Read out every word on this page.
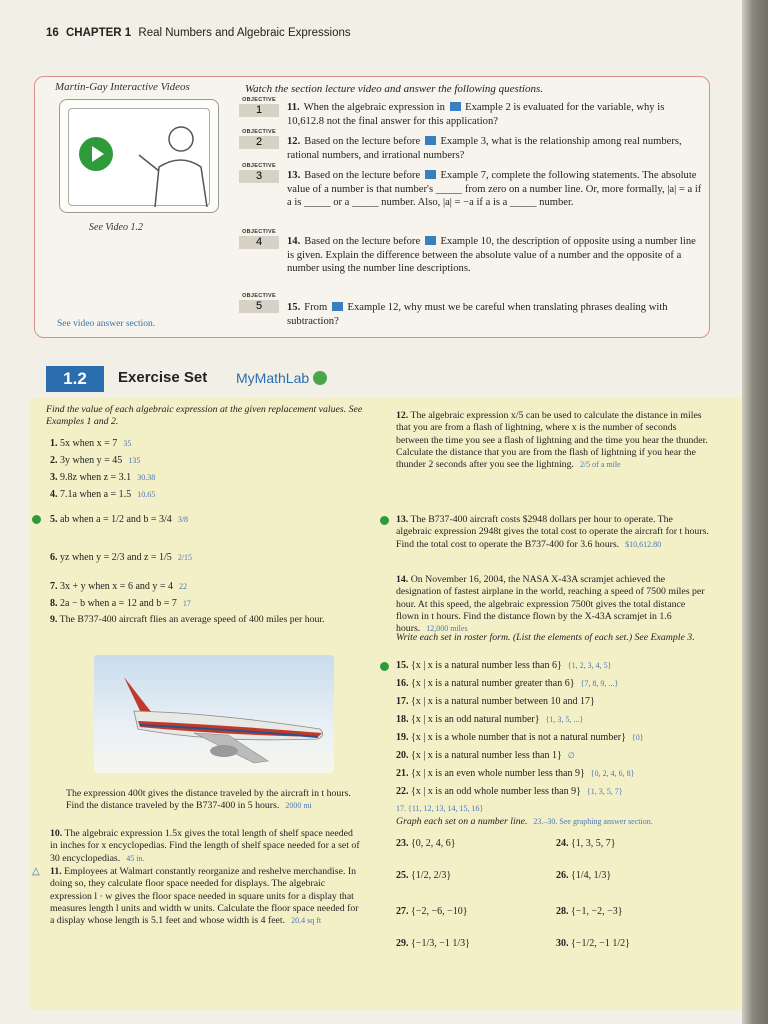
16 CHAPTER 1 Real Numbers and Algebraic Expressions
Martin-Gay Interactive Videos
See Video 1.2
See video answer section.
Watch the section lecture video and answer the following questions.
OBJECTIVE
1	11. When the algebraic expression in  Example 2 is evaluated for the variable, why is 10,612.8 not the final answer for this application?
OBJECTIVE
2	12. Based on the lecture before  Example 3, what is the relationship among real numbers, rational numbers, and irrational numbers?
OBJECTIVE
3	13. Based on the lecture before  Example 7, complete the following statements. The absolute value of a number is that number's _____ from zero on a number line. Or, more formally, |a| = a if a is _____ or a _____ number. Also, |a| = −a if a is a _____ number.
OBJECTIVE
4	14. Based on the lecture before  Example 10, the description of opposite using a number line is given. Explain the difference between the absolute value of a number and the opposite of a number using the number line descriptions.
OBJECTIVE
5	15. From  Example 12, why must we be careful when translating phrases dealing with subtraction?
1.2	Exercise Set MyMathLab
Find the value of each algebraic expression at the given replacement values. See Examples 1 and 2.
1. 5x when x = 7 35
2. 3y when y = 45 135
3. 9.8z when z = 3.1 30.38
4. 7.1a when a = 1.5 10.65
5. ab when a = 1/2 and b = 3/4 3/8
6. yz when y = 2/3 and z = 1/5 2/15
7. 3x + y when x = 6 and y = 4 22
8. 2a − b when a = 12 and b = 7 17
9. The B737-400 aircraft flies an average speed of 400 miles per hour.
The expression 400t gives the distance traveled by the aircraft in t hours. Find the distance traveled by the B737-400 in 5 hours. 2000 mi
10. The algebraic expression 1.5x gives the total length of shelf space needed in inches for x encyclopedias. Find the length of shelf space needed for a set of 30 encyclopedias. 45 in.
△ 11. Employees at Walmart constantly reorganize and reshelve merchandise. In doing so, they calculate floor space needed for displays. The algebraic expression l · w gives the floor space needed in square units for a display that measures length l units and width w units. Calculate the floor space needed for a display whose length is 5.1 feet and whose width is 4 feet. 20.4 sq ft
12. The algebraic expression x/5 can be used to calculate the distance in miles that you are from a flash of lightning, where x is the number of seconds between the time you see a flash of lightning and the time you hear the thunder. Calculate the distance that you are from the flash of lightning if you hear the thunder 2 seconds after you see the lightning. 2/5 of a mile
13. The B737-400 aircraft costs $2948 dollars per hour to operate. The algebraic expression 2948t gives the total cost to operate the aircraft for t hours. Find the total cost to operate the B737-400 for 3.6 hours. $10,612.80
14. On November 16, 2004, the NASA X-43A scramjet achieved the designation of fastest airplane in the world, reaching a speed of 7500 miles per hour. At this speed, the algebraic expression 7500t gives the total distance flown in t hours. Find the distance flown by the X-43A scramjet in 1.6 hours. 12,000 miles
Write each set in roster form. (List the elements of each set.) See Example 3.
15. {x | x is a natural number less than 6} {1, 2, 3, 4, 5}
16. {x | x is a natural number greater than 6} {7, 8, 9, ...}
17. {x | x is a natural number between 10 and 17}
18. {x | x is an odd natural number} {1, 3, 5, ...}
19. {x | x is a whole number that is not a natural number} {0}
20. {x | x is a natural number less than 1} ∅
21. {x | x is an even whole number less than 9} {0, 2, 4, 6, 8}
22. {x | x is an odd whole number less than 9} {1, 3, 5, 7}
17. {11, 12, 13, 14, 15, 16}
Graph each set on a number line. 23.–30. See graphing answer section.
23. {0, 2, 4, 6}	24. {1, 3, 5, 7}
25. {1/2, 2/3}	26. {1/4, 1/3}
27. {−2, −6, −10}	28. {−1, −2, −3}
29. {−1/3, −1 1/3}	30. {−1/2, −1 1/2}
